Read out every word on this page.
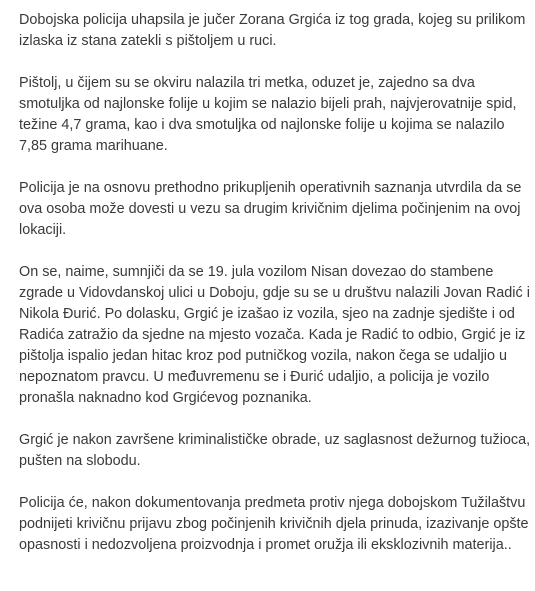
Dobojska policija uhapsila je jučer Zorana Grgića iz tog grada, kojeg su prilikom
izlaska iz stana zatekli s pištoljem u ruci.

Pištolj, u čijem su se okviru nalazila tri metka, oduzet je, zajedno sa dva
smotuljka od najlonske folije u kojim se nalazio bijeli prah, najvjerovatnije spid,
težine 4,7 grama, kao i dva smotuljka od najlonske folije u kojima se nalazilo
7,85 grama marihuane.

Policija je na osnovu prethodno prikupljenih operativnih saznanja utvrdila da se
ova osoba može dovesti u vezu sa drugim krivičnim djelima počinjenim na ovoj
lokaciji.

On se, naime, sumnjiči da se 19. jula vozilom Nisan dovezao do stambene
zgrade u Vidovdanskoj ulici u Doboju, gdje su se u društvu nalazili Jovan Radić i
Nikola Đurić. Po dolasku, Grgić je izašao iz vozila, sjeo na zadnje sjedište i od
Radića zatražio da sjedne na mjesto vozača. Kada je Radić to odbio, Grgić je iz
pištolja ispalio jedan hitac kroz pod putničkog vozila, nakon čega se udaljio u
nepoznatom pravcu. U međuvremenu se i Đurić udaljio, a policija je vozilo
pronašla naknadno kod Grgićevog poznanika.

Grgić je nakon završene kriminalističke obrade, uz saglasnost dežurnog tužioca,
pušten na slobodu.

Policija će, nakon dokumentovanja predmeta protiv njega dobojskom Tužilaštvu
podnijeti krivičnu prijavu zbog počinjenih krivičnih djela prinuda, izazivanje opšte
opasnosti i nedozvoljena proizvodnja i promet oružja ili eksklozivnih materija..
